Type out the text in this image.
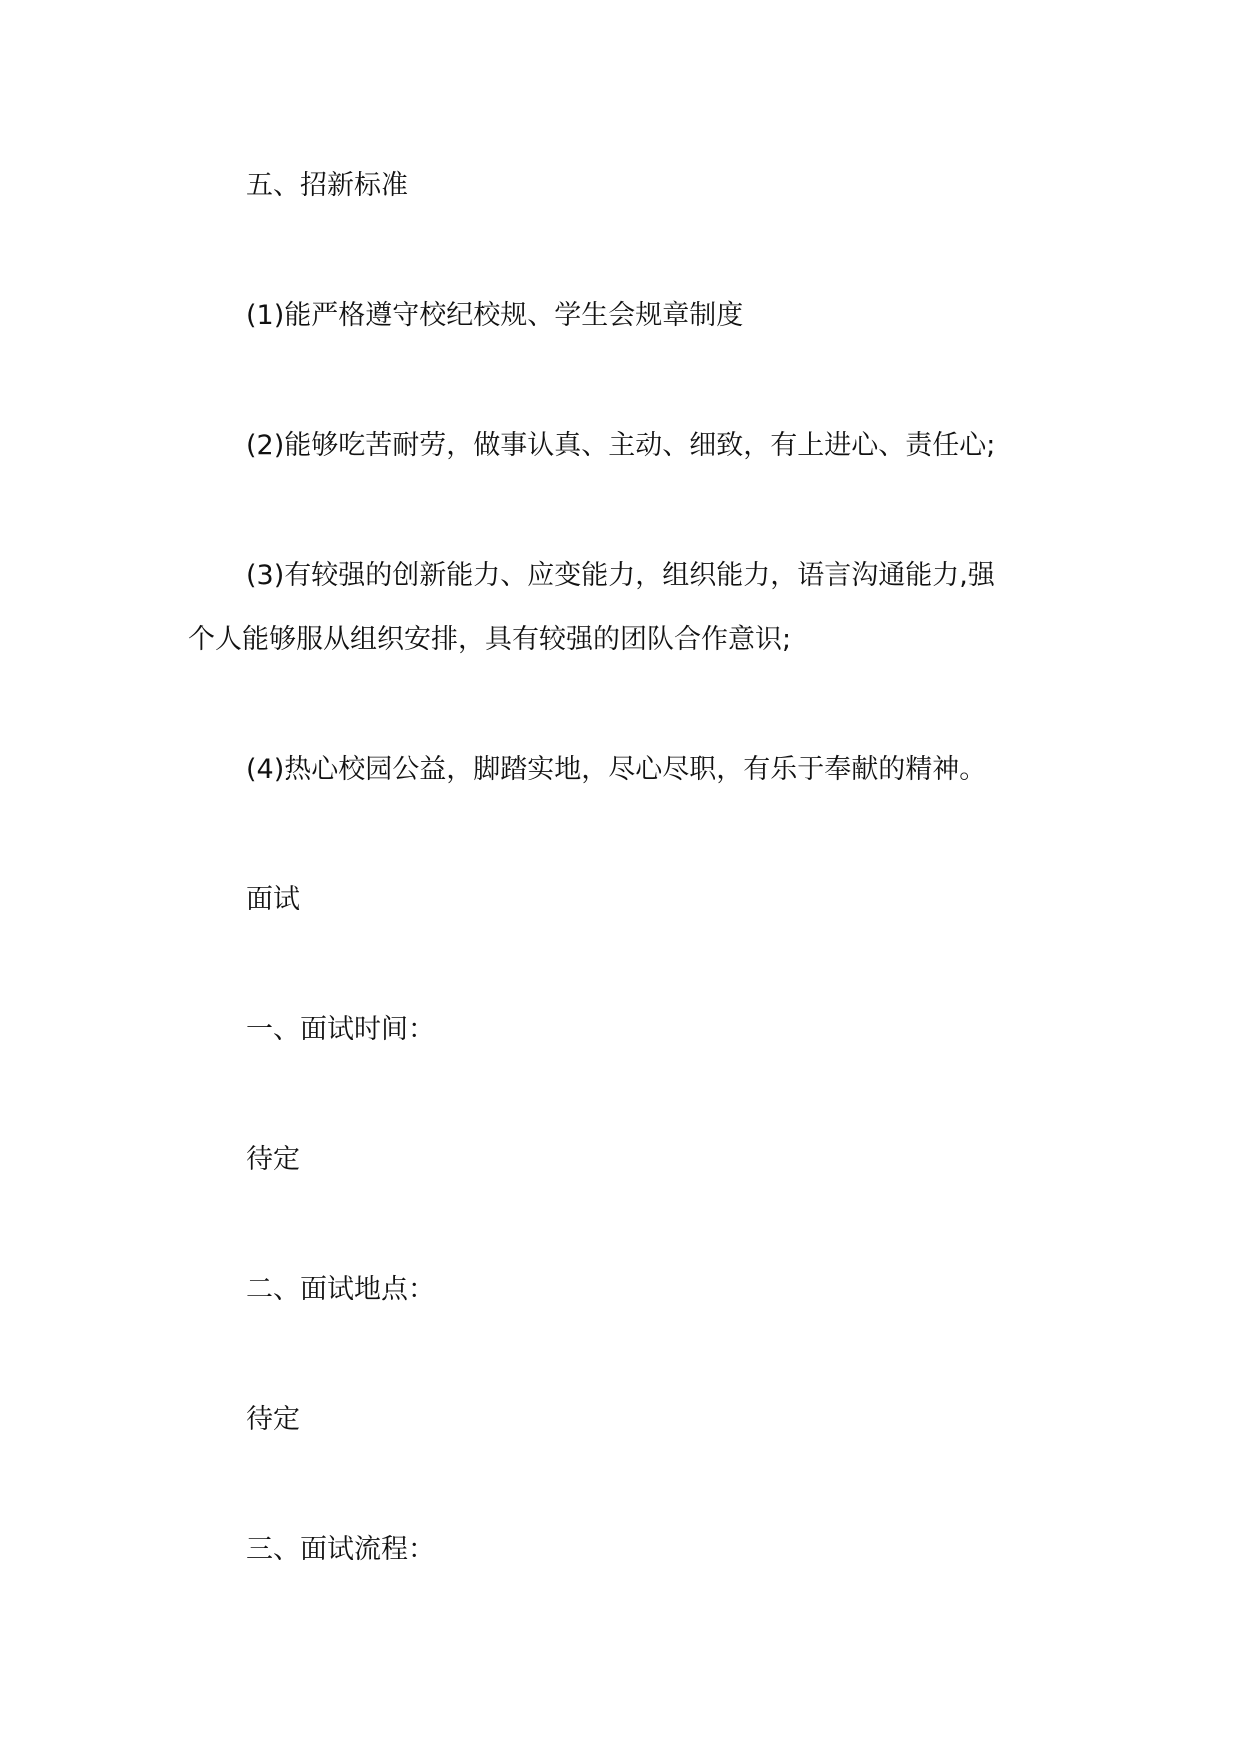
五、招新标准

(1)能严格遵守校纪校规、学生会规章制度

(2)能够吃苦耐劳，做事认真、主动、细致，有上进心、责任心;

(3)有较强的创新能力、应变能力，组织能力，语言沟通能力,强

个人能够服从组织安排，具有较强的团队合作意识;

(4)热心校园公益，脚踏实地，尽心尽职，有乐于奉献的精神。

面试

一、面试时间：

待定

二、面试地点：

待定

三、面试流程：
